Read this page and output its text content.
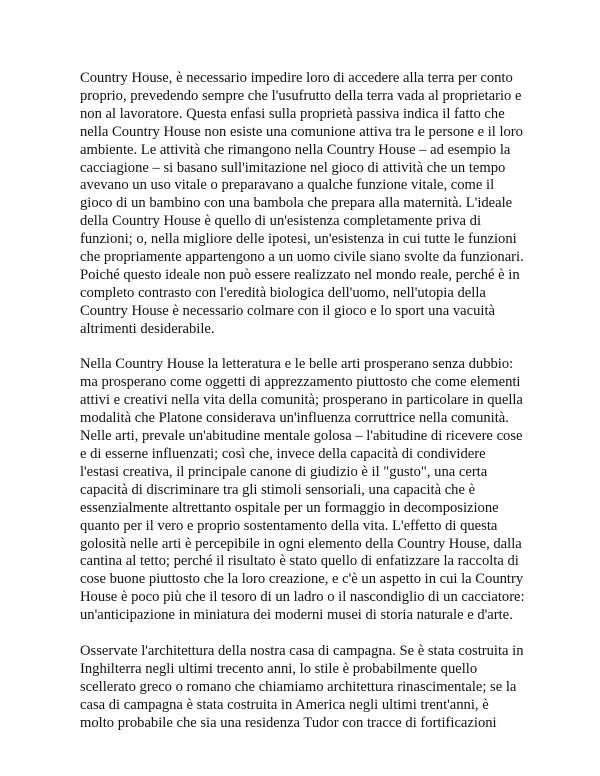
Country House, è necessario impedire loro di accedere alla terra per conto
proprio, prevedendo sempre che l'usufrutto della terra vada al proprietario e
non al lavoratore. Questa enfasi sulla proprietà passiva indica il fatto che
nella Country House non esiste una comunione attiva tra le persone e il loro
ambiente. Le attività che rimangono nella Country House – ad esempio la
cacciagione – si basano sull'imitazione nel gioco di attività che un tempo
avevano un uso vitale o preparavano a qualche funzione vitale, come il
gioco di un bambino con una bambola che prepara alla maternità. L'ideale
della Country House è quello di un'esistenza completamente priva di
funzioni; o, nella migliore delle ipotesi, un'esistenza in cui tutte le funzioni
che propriamente appartengono a un uomo civile siano svolte da funzionari.
Poiché questo ideale non può essere realizzato nel mondo reale, perché è in
completo contrasto con l'eredità biologica dell'uomo, nell'utopia della
Country House è necessario colmare con il gioco e lo sport una vacuità
altrimenti desiderabile.
Nella Country House la letteratura e le belle arti prosperano senza dubbio:
ma prosperano come oggetti di apprezzamento piuttosto che come elementi
attivi e creativi nella vita della comunità; prosperano in particolare in quella
modalità che Platone considerava un'influenza corruttrice nella comunità.
Nelle arti, prevale un'abitudine mentale golosa – l'abitudine di ricevere cose
e di esserne influenzati; così che, invece della capacità di condividere
l'estasi creativa, il principale canone di giudizio è il "gusto", una certa
capacità di discriminare tra gli stimoli sensoriali, una capacità che è
essenzialmente altrettanto ospitale per un formaggio in decomposizione
quanto per il vero e proprio sostentamento della vita. L'effetto di questa
golosità nelle arti è percepibile in ogni elemento della Country House, dalla
cantina al tetto; perché il risultato è stato quello di enfatizzare la raccolta di
cose buone piuttosto che la loro creazione, e c'è un aspetto in cui la Country
House è poco più che il tesoro di un ladro o il nascondiglio di un cacciatore:
un'anticipazione in miniatura dei moderni musei di storia naturale e d'arte.
Osservate l'architettura della nostra casa di campagna. Se è stata costruita in
Inghilterra negli ultimi trecento anni, lo stile è probabilmente quello
scellerato greco o romano che chiamiamo architettura rinascimentale; se la
casa di campagna è stata costruita in America negli ultimi trent'anni, è
molto probabile che sia una residenza Tudor con tracce di fortificazioni
